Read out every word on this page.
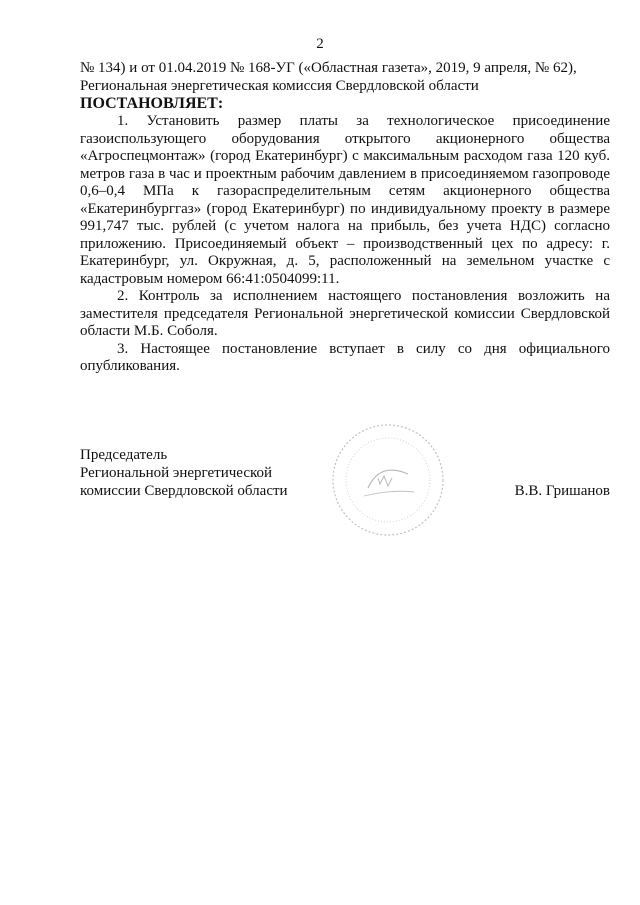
2

№ 134) и от 01.04.2019 № 168-УГ («Областная газета», 2019, 9 апреля, № 62),

Региональная энергетическая комиссия Свердловской области

ПОСТАНОВЛЯЕТ:

1. Установить размер платы за технологическое присоединение газоиспользующего оборудования открытого акционерного общества «Агроспецмонтаж» (город Екатеринбург) с максимальным расходом газа 120 куб. метров газа в час и проектным рабочим давлением в присоединяемом газопроводе 0,6–0,4 МПа к газораспределительным сетям акционерного общества «Екатеринбурггаз» (город Екатеринбург) по индивидуальному проекту в размере 991,747 тыс. рублей (с учетом налога на прибыль, без учета НДС) согласно приложению. Присоединяемый объект – производственный цех по адресу: г. Екатеринбург, ул. Окружная, д. 5, расположенный на земельном участке с кадастровым номером 66:41:0504099:11.

2. Контроль за исполнением настоящего постановления возложить на заместителя председателя Региональной энергетической комиссии Свердловской области М.Б. Соболя.

3. Настоящее постановление вступает в силу со дня официального опубликования.

Председатель
Региональной энергетической
комиссии Свердловской области	В.В. Гришанов
